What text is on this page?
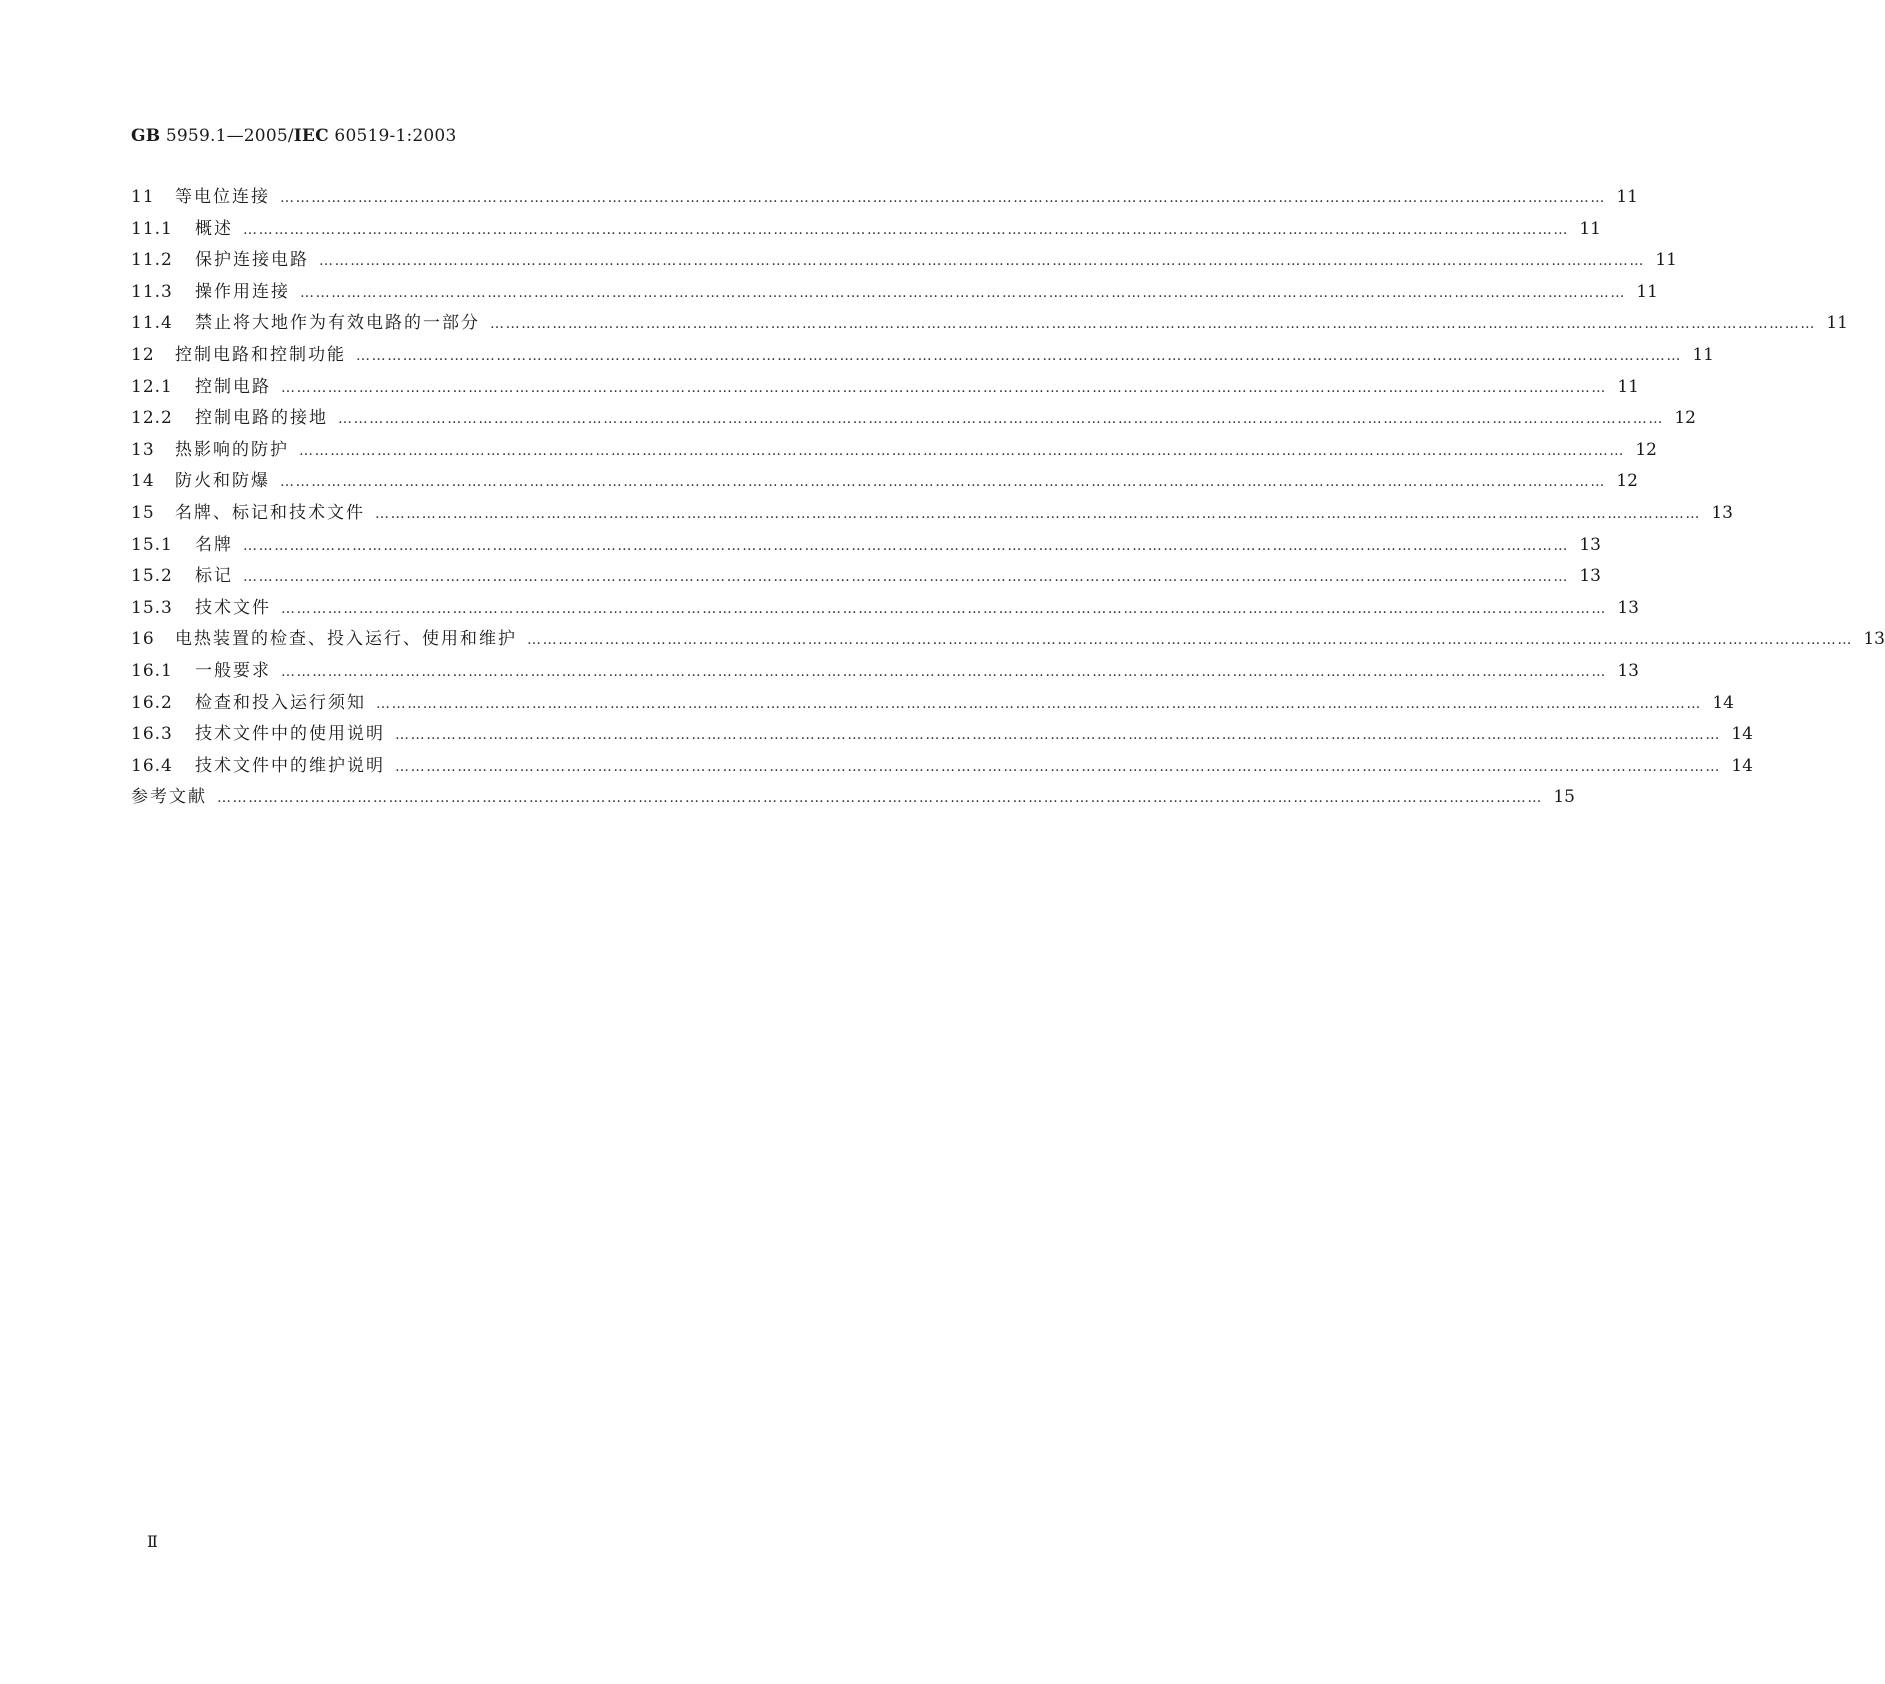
GB 5959.1—2005/IEC 60519-1:2003
11	等电位连接 ………………………………………………………………………………………………………………………………………………………………………………………………………………………………… 11
11.1	概述 ………………………………………………………………………………………………………………………………………………………………………………………………………………………………… 11
11.2	保护连接电路 ………………………………………………………………………………………………………………………………………………………………………………………………………………………………… 11
11.3	操作用连接 ………………………………………………………………………………………………………………………………………………………………………………………………………………………………… 11
11.4	禁止将大地作为有效电路的一部分 ………………………………………………………………………………………………………………………………………………………………………………………………………………………………… 11
12	控制电路和控制功能 ………………………………………………………………………………………………………………………………………………………………………………………………………………………………… 11
12.1	控制电路 ………………………………………………………………………………………………………………………………………………………………………………………………………………………………… 11
12.2	控制电路的接地 ………………………………………………………………………………………………………………………………………………………………………………………………………………………………… 12
13	热影响的防护 ………………………………………………………………………………………………………………………………………………………………………………………………………………………………… 12
14	防火和防爆 ………………………………………………………………………………………………………………………………………………………………………………………………………………………………… 12
15	名牌、标记和技术文件 ………………………………………………………………………………………………………………………………………………………………………………………………………………………………… 13
15.1	名牌 ………………………………………………………………………………………………………………………………………………………………………………………………………………………………… 13
15.2	标记 ………………………………………………………………………………………………………………………………………………………………………………………………………………………………… 13
15.3	技术文件 ………………………………………………………………………………………………………………………………………………………………………………………………………………………………… 13
16	电热装置的检查、投入运行、使用和维护 ………………………………………………………………………………………………………………………………………………………………………………………………………………………………… 13
16.1	一般要求 ………………………………………………………………………………………………………………………………………………………………………………………………………………………………… 13
16.2	检查和投入运行须知 ………………………………………………………………………………………………………………………………………………………………………………………………………………………………… 14
16.3	技术文件中的使用说明 ………………………………………………………………………………………………………………………………………………………………………………………………………………………………… 14
16.4	技术文件中的维护说明 ………………………………………………………………………………………………………………………………………………………………………………………………………………………………… 14
参考文献 ………………………………………………………………………………………………………………………………………………………………………………………………………………………………… 15
Ⅱ
